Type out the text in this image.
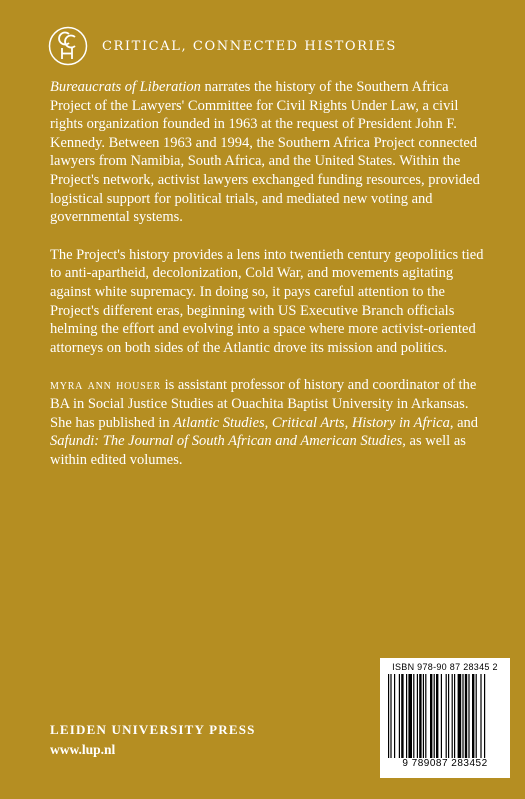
CRITICAL, CONNECTED HISTORIES

Bureaucrats of Liberation narrates the history of the Southern Africa Project of the Lawyers' Committee for Civil Rights Under Law, a civil rights organization founded in 1963 at the request of President John F. Kennedy. Between 1963 and 1994, the Southern Africa Project connected lawyers from Namibia, South Africa, and the United States. Within the Project's network, activist lawyers exchanged funding resources, provided logistical support for political trials, and mediated new voting and governmental systems.

The Project's history provides a lens into twentieth century geopolitics tied to anti-apartheid, decolonization, Cold War, and movements agitating against white supremacy. In doing so, it pays careful attention to the Project's different eras, beginning with US Executive Branch officials helming the effort and evolving into a space where more activist-oriented attorneys on both sides of the Atlantic drove its mission and politics.

myra ann houser is assistant professor of history and coordinator of the BA in Social Justice Studies at Ouachita Baptist University in Arkansas. She has published in Atlantic Studies, Critical Arts, History in Africa, and Safundi: The Journal of South African and American Studies, as well as within edited volumes.

ISBN 978-90 87 28345 2
9 789087 283452
LEIDEN UNIVERSITY PRESS
www.lup.nl
